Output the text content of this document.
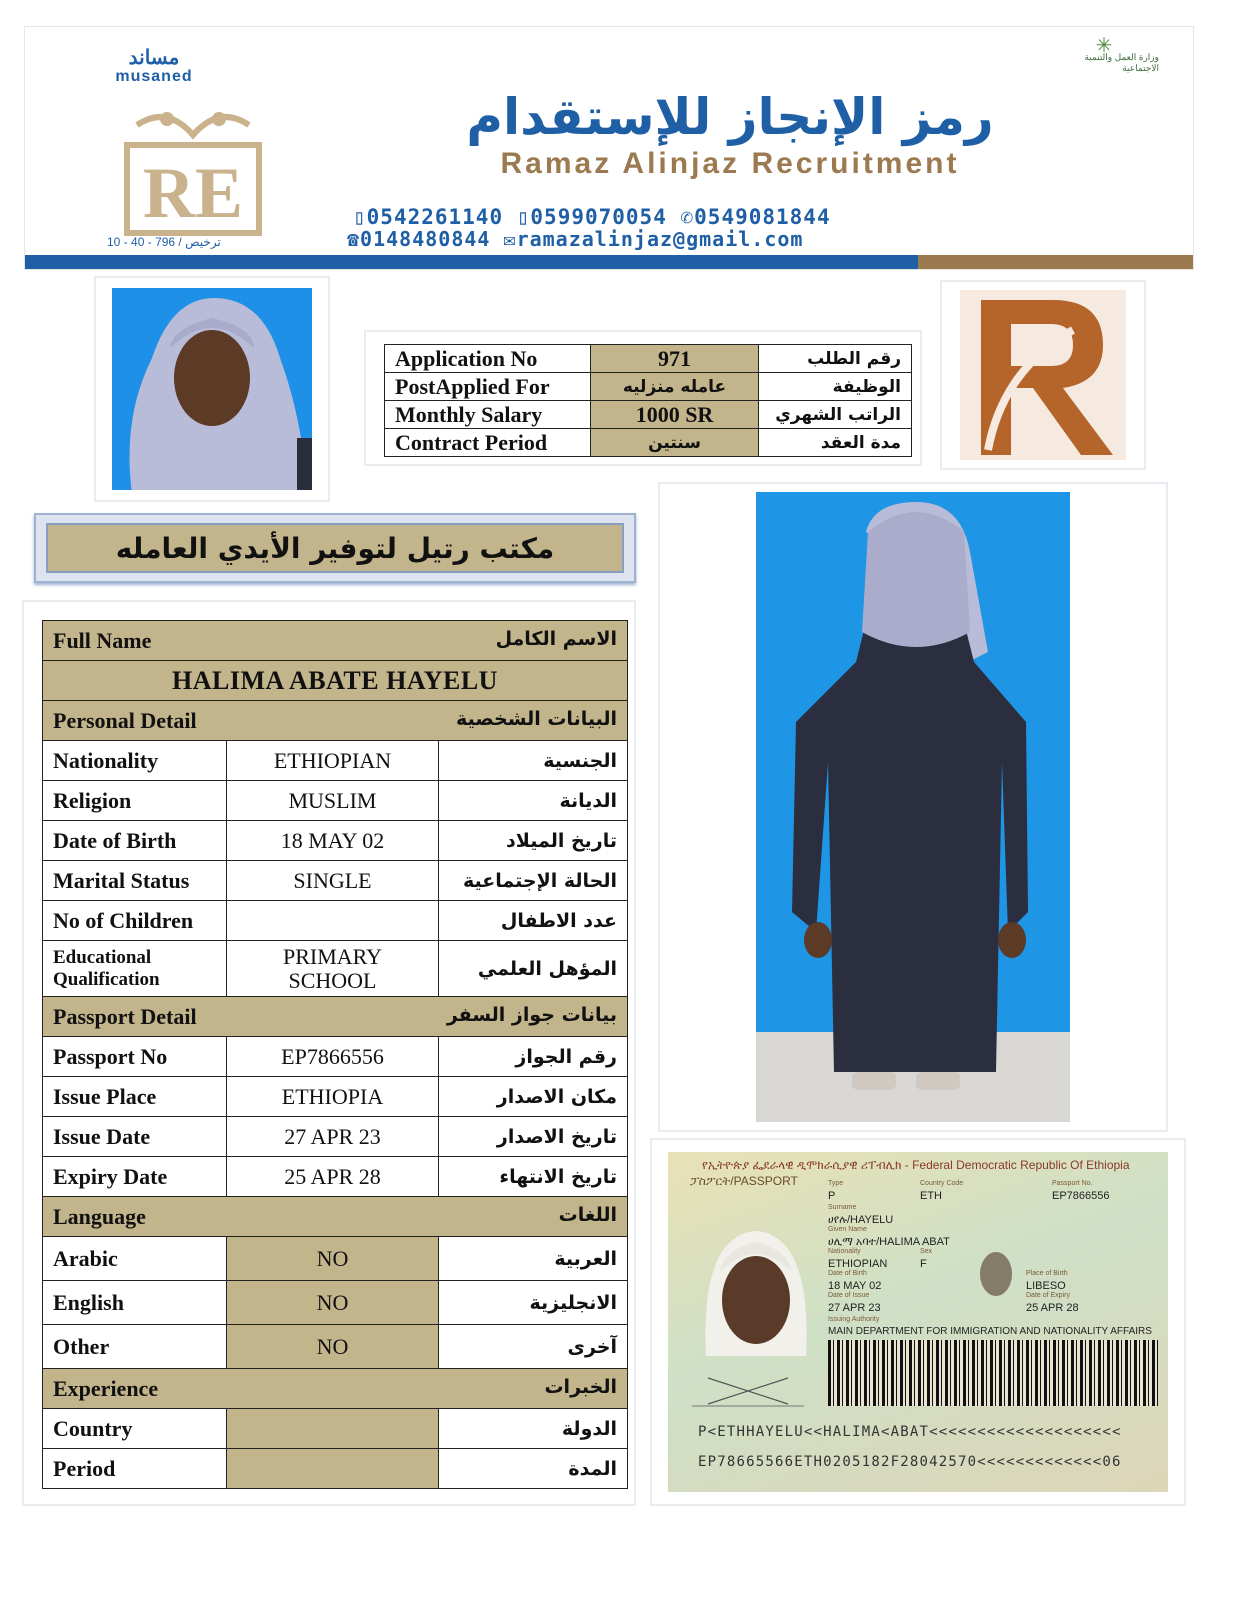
مساند
musaned
✳
وزارة العمل والتنمية الاجتماعية
RE
رمز الإنجاز للإستقدام
Ramaz Alinjaz Recruitment
▯0542261140 ▯0599070054 ✆0549081844
☎0148480844 ✉ramazalinjaz@gmail.com
ترخيص / 796 - 40 - 10
Application No	971	رقم الطلب
PostApplied For	عامله منزليه	الوظيفة
Monthly Salary	1000 SR	الراتب الشهري
Contract Period	سنتين	مدة العقد
مكتب رتيل لتوفير الأيدي العامله
Full Name الاسم الكامل		

HALIMA ABATE HAYELU		

Personal Detail البيانات الشخصية		

Nationality	ETHIOPIAN	الجنسية
Religion	MUSLIM	الديانة
Date of Birth	18 MAY 02	تاريخ الميلاد
Marital Status	SINGLE	الحالة الإجتماعية
No of Children		عدد الاطفال
Educational Qualification	PRIMARY SCHOOL	المؤهل العلمي

Passport Detail بيانات جواز السفر		

Passport No	EP7866556	رقم الجواز
Issue Place	ETHIOPIA	مكان الاصدار
Issue Date	27 APR 23	تاريخ الاصدار
Expiry Date	25 APR 28	تاريخ الانتهاء

Language اللغات		

Arabic	NO	العربية
English	NO	الانجليزية
Other	NO	آخرى

Experience الخبرات		

Country		الدولة
Period		المدة
የኢትዮጵያ ፌደራላዊ ዲሞክራሲያዊ ሪፐብሊክ - Federal Democratic Republic Of Ethiopia
ፓስፖርት/PASSPORT	Type
P
Country Code
ETH
Passport No.
EP7866556
Surname
ሀየሉ/HAYELU
Given Name
ሀሊማ አባተ/HALIMA ABAT
Nationality
ETHIOPIAN
Sex
F
Date of Birth
18 MAY 02
Place of Birth
LIBESO
Date of Issue
27 APR 23
Date of Expiry
25 APR 28
Issuing Authority
MAIN DEPARTMENT FOR IMMIGRATION AND NATIONALITY AFFAIRS
P<ETHHAYELU<<HALIMA<ABAT<<<<<<<<<<<<<<<<<<<<
EP78665566ETH0205182F28042570<<<<<<<<<<<<<06
